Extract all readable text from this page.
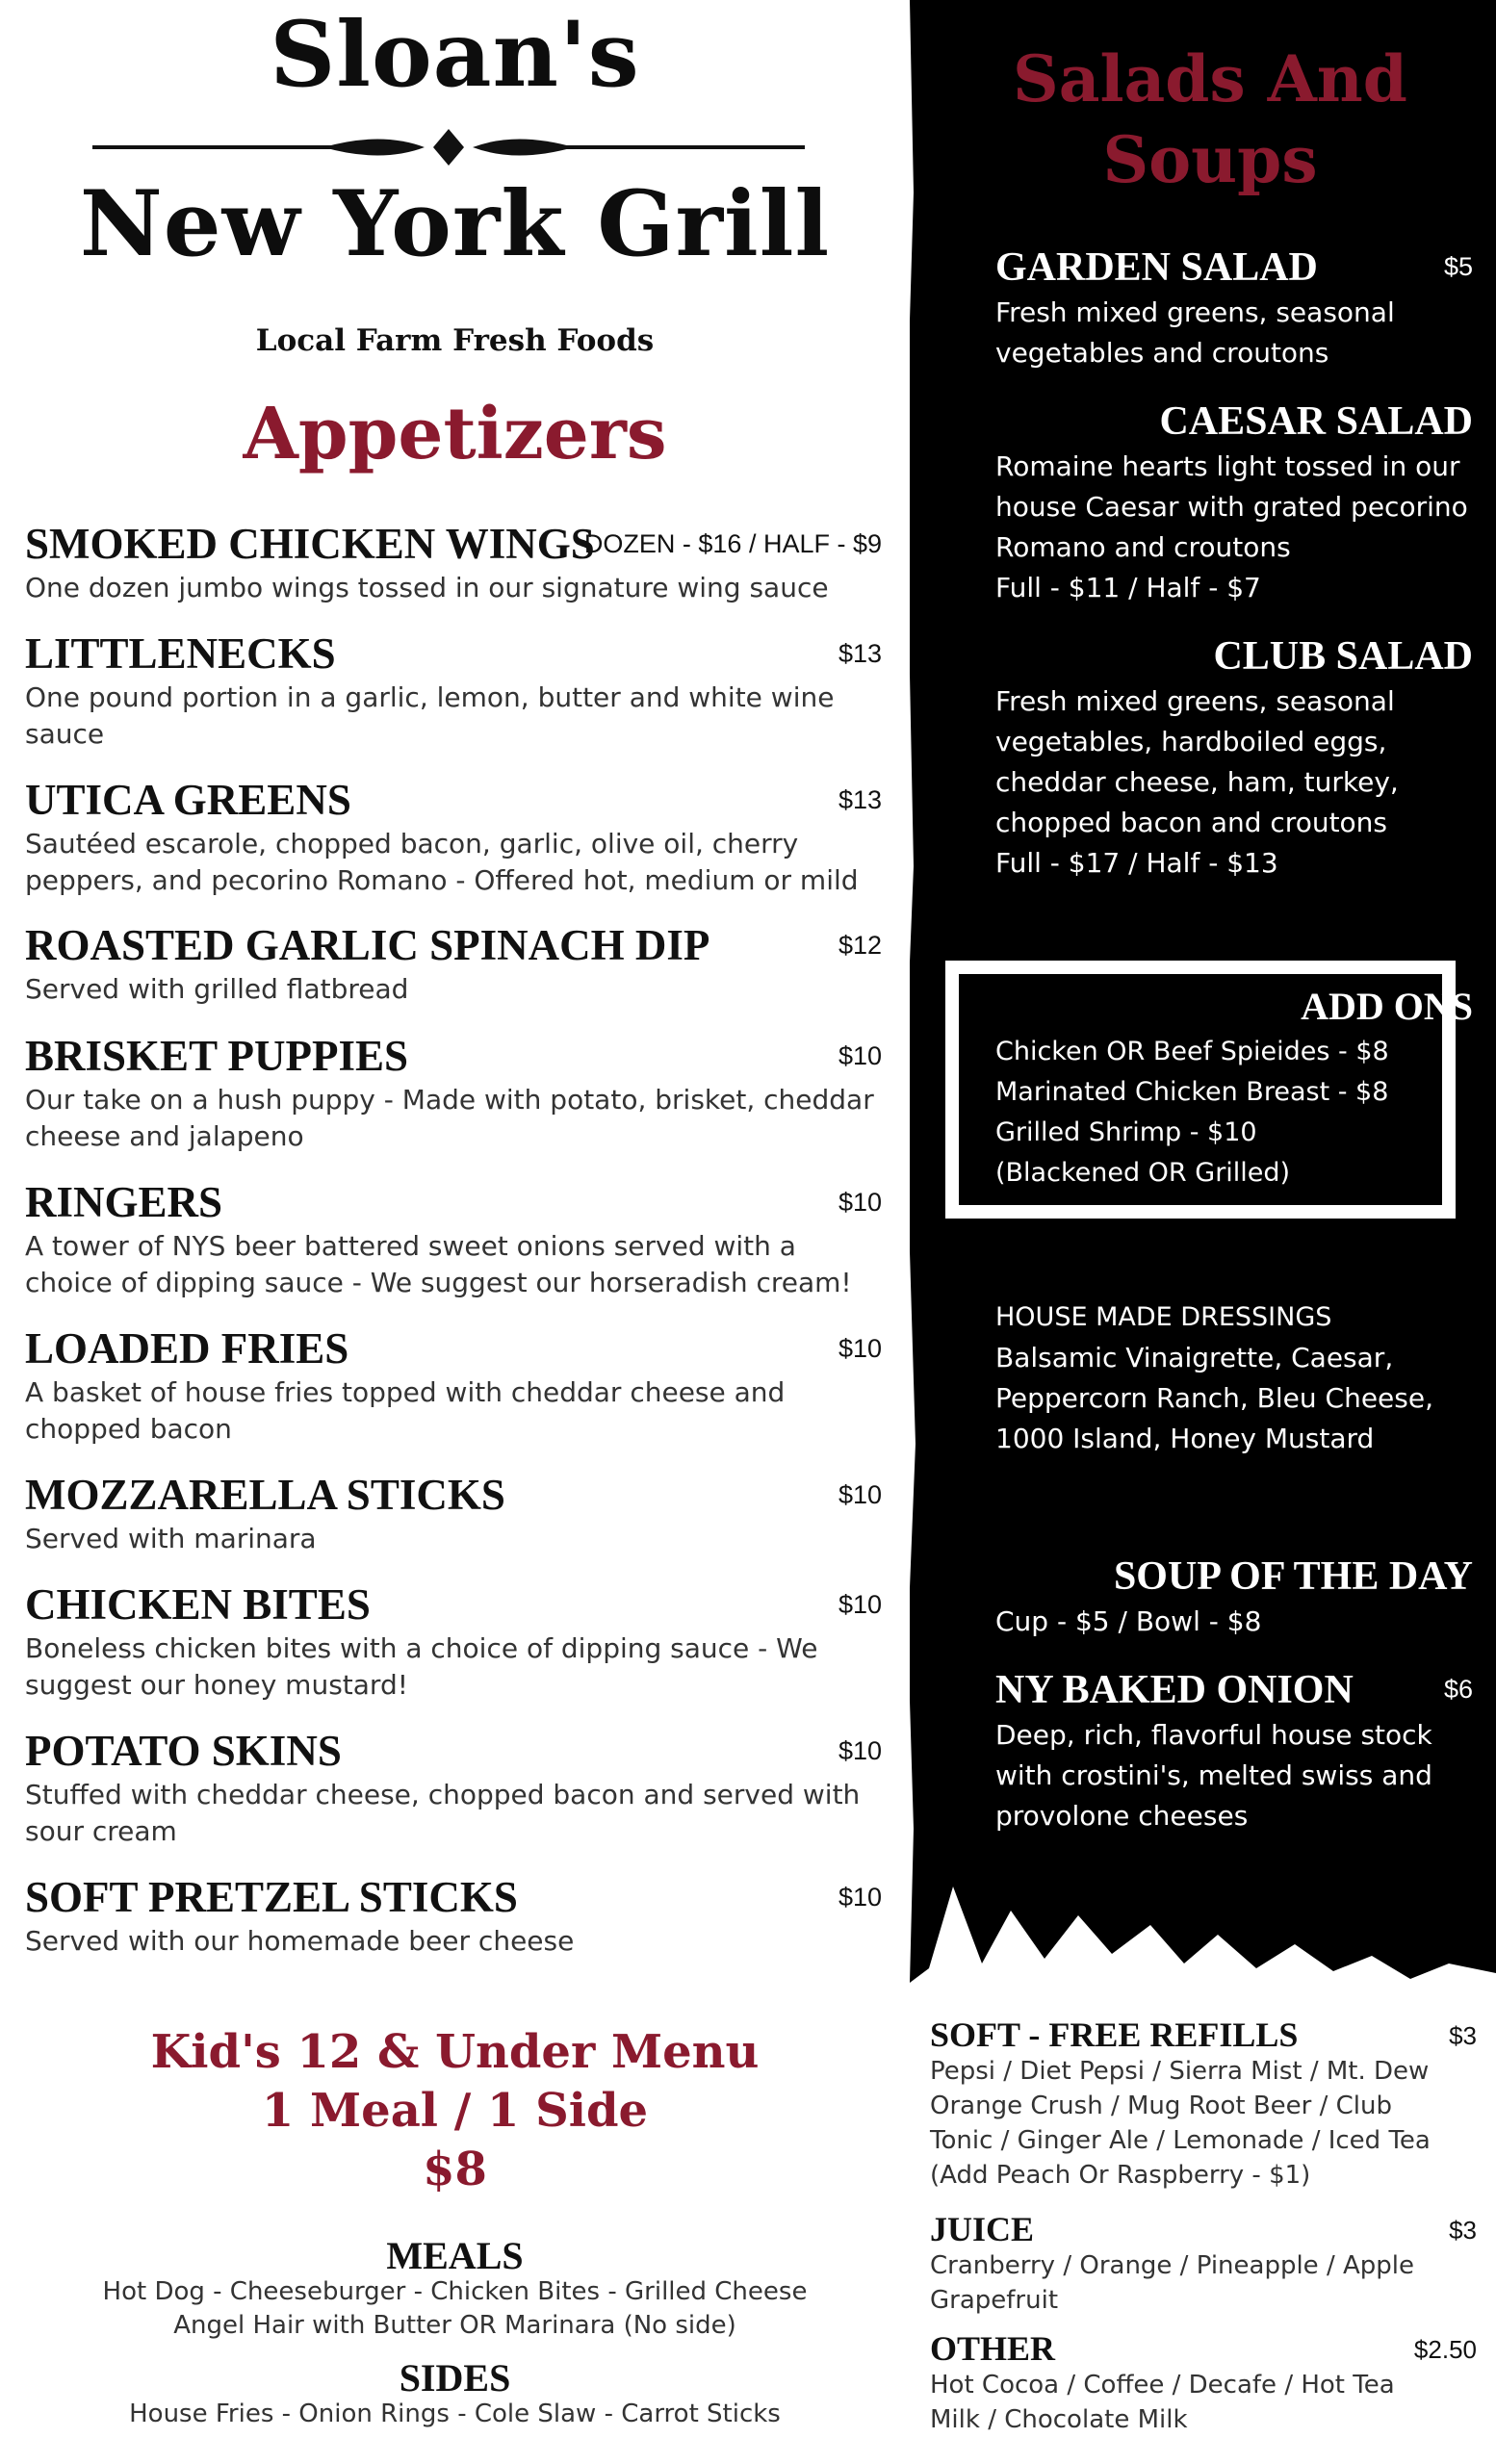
Sloan's
New York Grill
Local Farm Fresh Foods
Appetizers
SMOKED CHICKEN WINGS
DOZEN - $16 / HALF - $9
One dozen jumbo wings tossed in our signature wing sauce
LITTLENECKS	$13
One pound portion in a garlic, lemon, butter and white wine sauce
UTICA GREENS	$13
Sautéed escarole, chopped bacon, garlic, olive oil, cherry peppers, and pecorino Romano - Offered hot, medium or mild
ROASTED GARLIC SPINACH DIP	$12
Served with grilled flatbread
BRISKET PUPPIES	$10
Our take on a hush puppy - Made with potato, brisket, cheddar cheese and jalapeno
RINGERS	$10
A tower of NYS beer battered sweet onions served with a choice of dipping sauce - We suggest our horseradish cream!
LOADED FRIES	$10
A basket of house fries topped with cheddar cheese and chopped bacon
MOZZARELLA STICKS	$10
Served with marinara
CHICKEN BITES	$10
Boneless chicken bites with a choice of dipping sauce - We suggest our honey mustard!
POTATO SKINS	$10
Stuffed with cheddar cheese, chopped bacon and served with sour cream
SOFT PRETZEL STICKS	$10
Served with our homemade beer cheese
Kid's 12 & Under Menu
1 Meal / 1 Side
$8
MEALS
Hot Dog - Cheeseburger - Chicken Bites - Grilled Cheese
Angel Hair with Butter OR Marinara (No side)
SIDES
House Fries - Onion Rings - Cole Slaw - Carrot Sticks
Salads And
Soups
GARDEN SALAD	$5
Fresh mixed greens, seasonal
vegetables and croutons
CAESAR SALAD
Romaine hearts light tossed in our
house Caesar with grated pecorino
Romano and croutons
Full - $11 / Half - $7
CLUB SALAD
Fresh mixed greens, seasonal
vegetables, hardboiled eggs,
cheddar cheese, ham, turkey,
chopped bacon and croutons
Full - $17 / Half - $13
ADD ONS
Chicken OR Beef Spieides - $8
Marinated Chicken Breast - $8
Grilled Shrimp - $10
(Blackened OR Grilled)
HOUSE MADE DRESSINGS
Balsamic Vinaigrette, Caesar,
Peppercorn Ranch, Bleu Cheese,
1000 Island, Honey Mustard
SOUP OF THE DAY
Cup - $5 / Bowl - $8
NY BAKED ONION	$6
Deep, rich, flavorful house stock
with crostini's, melted swiss and
provolone cheeses
SOFT - FREE REFILLS	$3
Pepsi / Diet Pepsi / Sierra Mist / Mt. Dew
Orange Crush / Mug Root Beer / Club
Tonic / Ginger Ale / Lemonade / Iced Tea
(Add Peach Or Raspberry - $1)
JUICE	$3
Cranberry / Orange / Pineapple / Apple
Grapefruit
OTHER	$2.50
Hot Cocoa / Coffee / Decafe / Hot Tea
Milk / Chocolate Milk
